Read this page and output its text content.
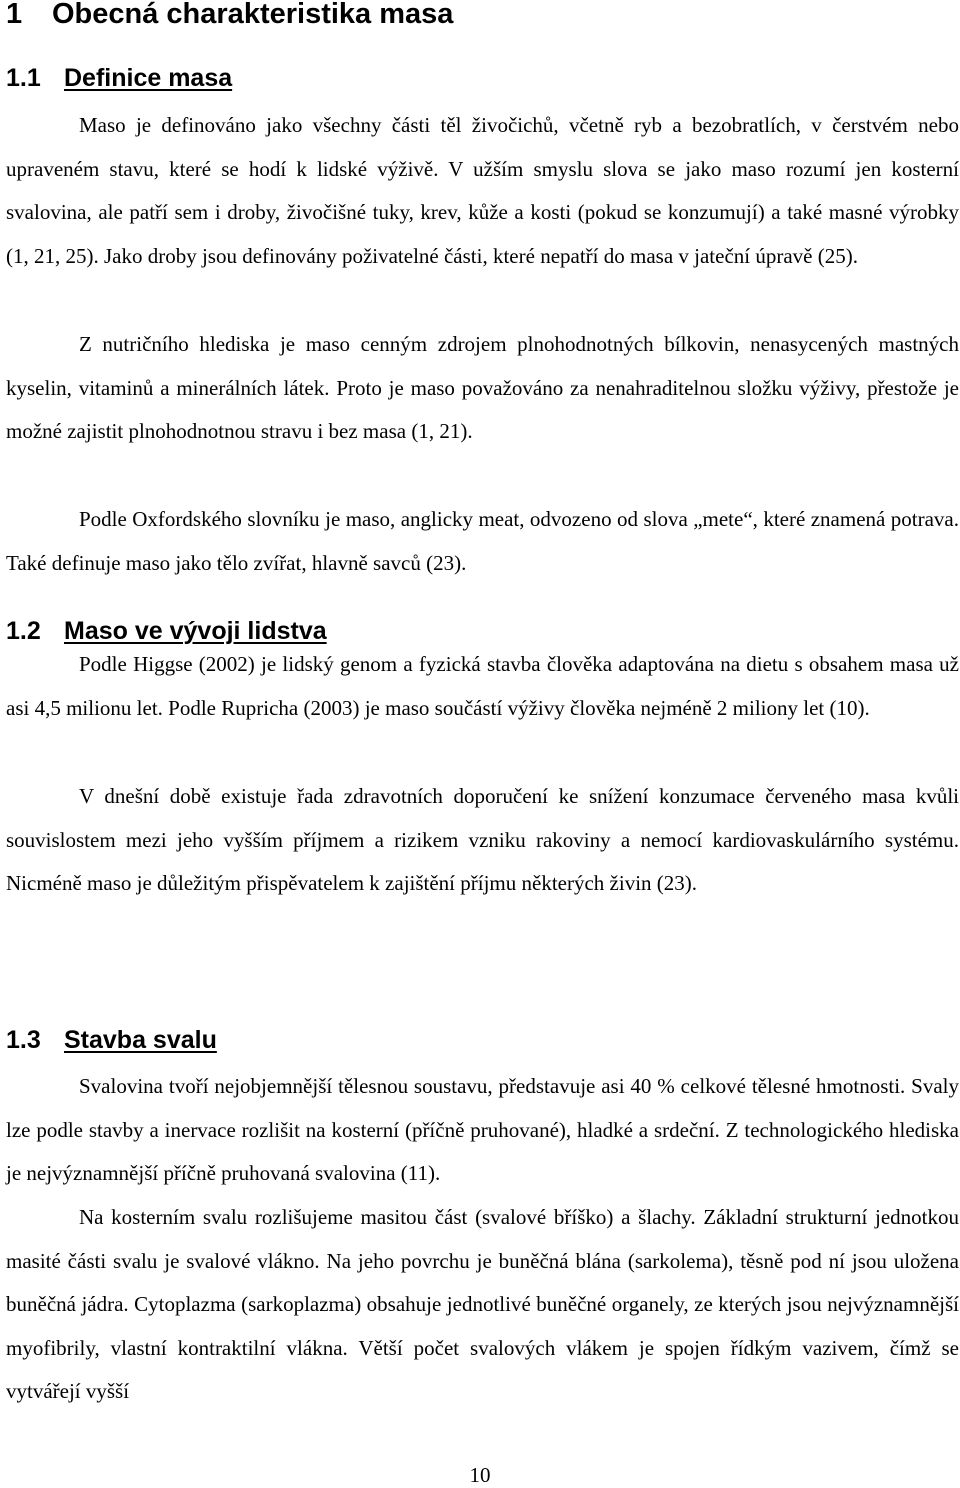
1 Obecná charakteristika masa
1.1 Definice masa

Maso je definováno jako všechny části těl živočichů, včetně ryb a bezobratlích, v čerstvém nebo upraveném stavu, které se hodí k lidské výživě. V užším smyslu slova se jako maso rozumí jen kosterní svalovina, ale patří sem i droby, živočišné tuky, krev, kůže a kosti (pokud se konzumují) a také masné výrobky (1, 21, 25). Jako droby jsou definovány poživatelné části, které nepatří do masa v jateční úpravě (25).

Z nutričního hlediska je maso cenným zdrojem plnohodnotných bílkovin, nenasycených mastných kyselin, vitaminů a minerálních látek. Proto je maso považováno za nenahraditelnou složku výživy, přestože je možné zajistit plnohodnotnou stravu i bez masa (1, 21).

Podle Oxfordského slovníku je maso, anglicky meat, odvozeno od slova „mete“, které znamená potrava. Také definuje maso jako tělo zvířat, hlavně savců (23).

1.2 Maso ve vývoji lidstva

Podle Higgse (2002) je lidský genom a fyzická stavba člověka adaptována na dietu s obsahem masa už asi 4,5 milionu let. Podle Rupricha (2003) je maso součástí výživy člověka nejméně 2 miliony let (10).

V dnešní době existuje řada zdravotních doporučení ke snížení konzumace červeného masa kvůli souvislostem mezi jeho vyšším příjmem a rizikem vzniku rakoviny a nemocí kardiovaskulárního systému. Nicméně maso je důležitým přispěvatelem k zajištění příjmu některých živin (23).

1.3 Stavba svalu

Svalovina tvoří nejobjemnější tělesnou soustavu, představuje asi 40 % celkové tělesné hmotnosti. Svaly lze podle stavby a inervace rozlišit na kosterní (příčně pruhované), hladké a srdeční. Z technologického hlediska je nejvýznamnější příčně pruhovaná svalovina (11).

Na kosterním svalu rozlišujeme masitou část (svalové bříško) a šlachy. Základní strukturní jednotkou masité části svalu je svalové vlákno. Na jeho povrchu je buněčná blána (sarkolema), těsně pod ní jsou uložena buněčná jádra. Cytoplazma (sarkoplazma) obsahuje jednotlivé buněčné organely, ze kterých jsou nejvýznamnější myofibrily, vlastní kontraktilní vlákna. Větší počet svalových vlákem je spojen řídkým vazivem, čímž se vytvářejí vyšší

10
